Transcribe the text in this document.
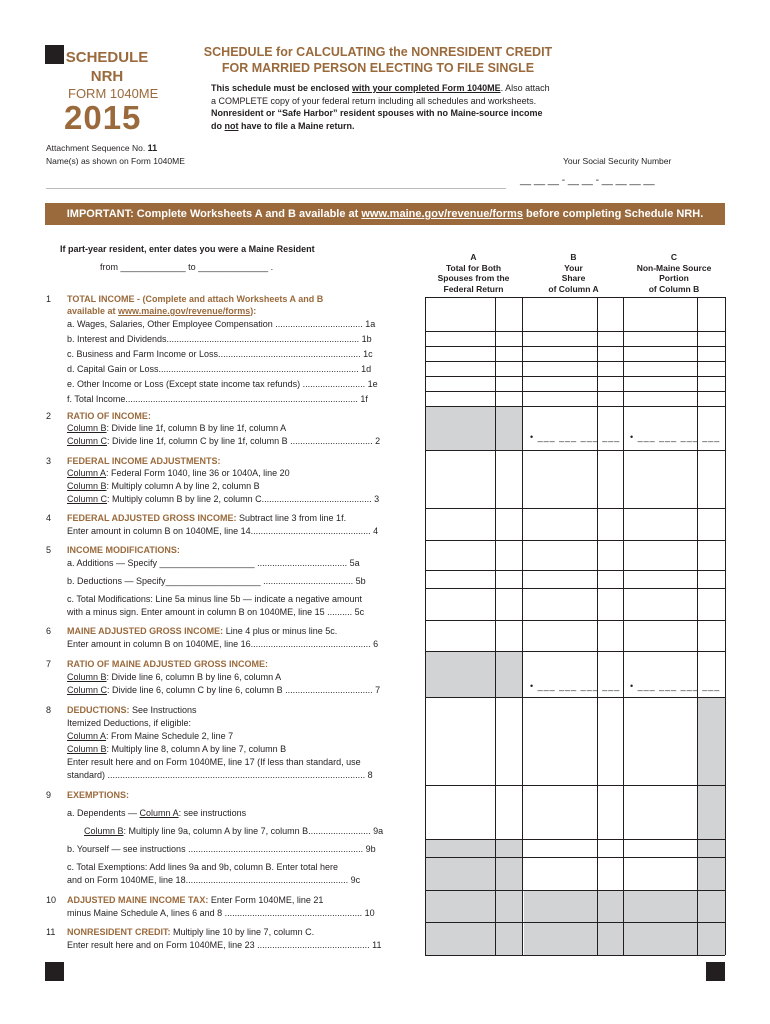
SCHEDULE
NRH
FORM 1040ME
2015
SCHEDULE for CALCULATING the NONRESIDENT CREDIT
FOR MARRIED PERSON ELECTING TO FILE SINGLE
This schedule must be enclosed with your completed Form 1040ME. Also attach
a COMPLETE copy of your federal return including all schedules and worksheets.
Nonresident or “Safe Harbor” resident spouses with no Maine-source income
do not have to file a Maine return.
Attachment Sequence No. 11
Name(s) as shown on Form 1040ME	Your Social Security Number
__ __ __ - __ __ - __ __ __ __
IMPORTANT: Complete Worksheets A and B available at www.maine.gov/revenue/forms before completing Schedule NRH.
If part-year resident, enter dates you were a Maine Resident
from _____________ to ______________ .
A
Total for Both
Spouses from the
Federal Return
B
Your
Share
of Column A
C
Non-Maine Source
Portion
of Column B
• ___ ___ ___ ___ • ___ ___ ___ ___
• ___ ___ ___ ___ • ___ ___ ___ ___
1 TOTAL INCOME - (Complete and attach Worksheets A and B
available at www.maine.gov/revenue/forms):
a. Wages, Salaries, Other Employee Compensation ................................... 1a
b. Interest and Dividends............................................................................. 1b
c. Business and Farm Income or Loss......................................................... 1c
d. Capital Gain or Loss................................................................................ 1d
e. Other Income or Loss (Except state income tax refunds) ......................... 1e
f. Total Income............................................................................................. 1f
2 RATIO OF INCOME:
Column B: Divide line 1f, column B by line 1f, column A
Column C: Divide line 1f, column C by line 1f, column B ................................. 2
3 FEDERAL INCOME ADJUSTMENTS:
Column A: Federal Form 1040, line 36 or 1040A, line 20
Column B: Multiply column A by line 2, column B
Column C: Multiply column B by line 2, column C............................................ 3
4 FEDERAL ADJUSTED GROSS INCOME: Subtract line 3 from line 1f.
Enter amount in column B on 1040ME, line 14................................................ 4
5 INCOME MODIFICATIONS:
a. Additions — Specify ___________________ .................................... 5a
b. Deductions — Specify___________________ .................................... 5b
c. Total Modifications: Line 5a minus line 5b — indicate a negative amount
with a minus sign. Enter amount in column B on 1040ME, line 15 .......... 5c
6 MAINE ADJUSTED GROSS INCOME: Line 4 plus or minus line 5c.
Enter amount in column B on 1040ME, line 16................................................ 6
7 RATIO OF MAINE ADJUSTED GROSS INCOME:
Column B: Divide line 6, column B by line 6, column A
Column C: Divide line 6, column C by line 6, column B ................................... 7
8 DEDUCTIONS: See Instructions
Itemized Deductions, if eligible:
Column A: From Maine Schedule 2, line 7
Column B: Multiply line 8, column A by line 7, column B
Enter result here and on Form 1040ME, line 17 (If less than standard, use
standard) ....................................................................................................... 8
9 EXEMPTIONS:
a. Dependents — Column A: see instructions
Column B: Multiply line 9a, column A by line 7, column B......................... 9a
b. Yourself — see instructions ...................................................................... 9b
c. Total Exemptions: Add lines 9a and 9b, column B. Enter total here
and on Form 1040ME, line 18................................................................. 9c
10 ADJUSTED MAINE INCOME TAX: Enter Form 1040ME, line 21
minus Maine Schedule A, lines 6 and 8 ....................................................... 10
11 NONRESIDENT CREDIT: Multiply line 10 by line 7, column C.
Enter result here and on Form 1040ME, line 23 ............................................. 11
